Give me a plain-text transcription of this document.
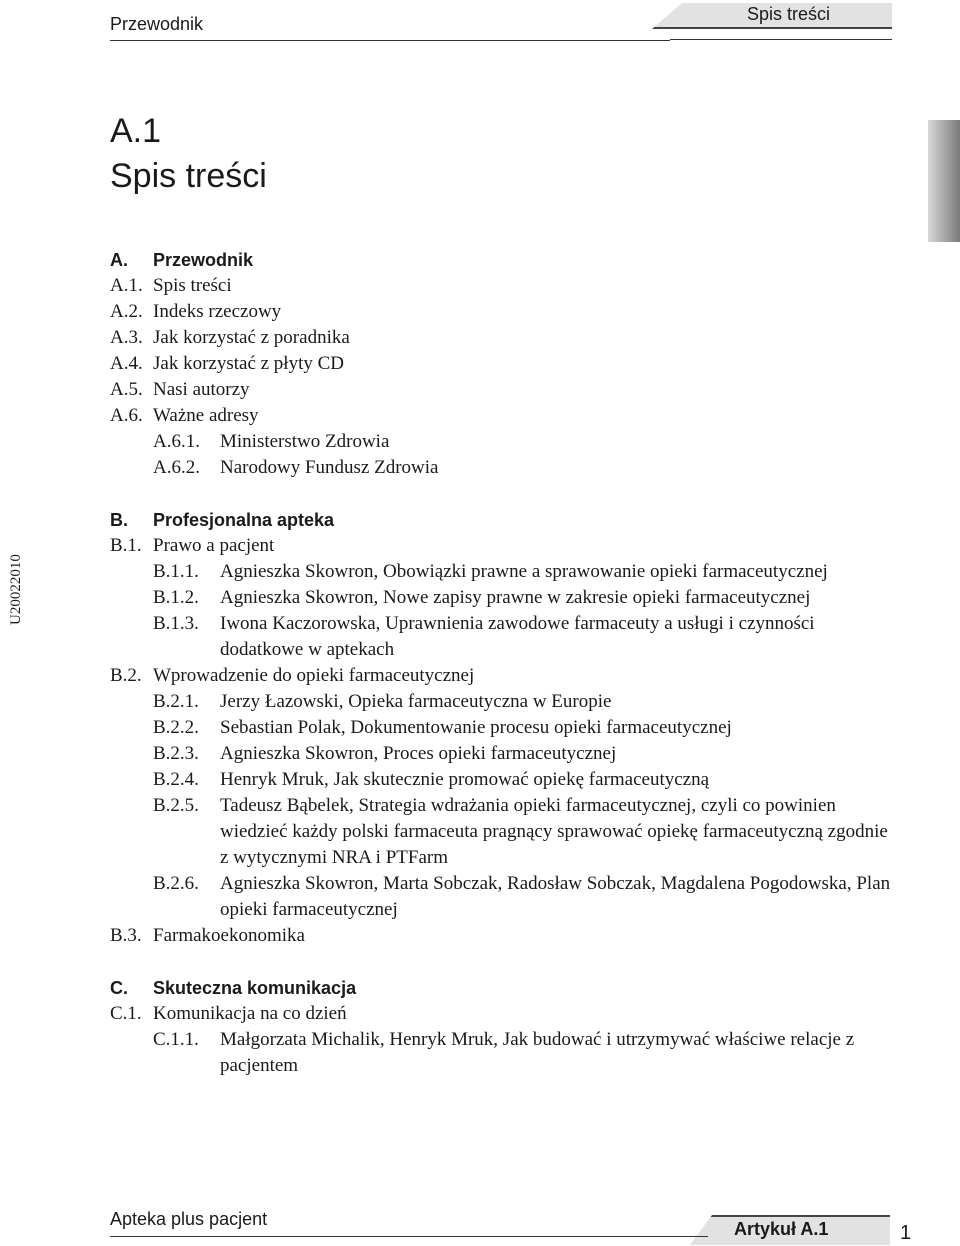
Przewodnik	Spis treści
U20022010
A.1
Spis treści
A.	Przewodnik
A.1. Spis treści
A.2. Indeks rzeczowy
A.3. Jak korzystać z poradnika
A.4. Jak korzystać z płyty CD
A.5. Nasi autorzy
A.6. Ważne adresy
A.6.1.	Ministerstwo Zdrowia
A.6.2.	Narodowy Fundusz Zdrowia
B.	Profesjonalna apteka
B.1. Prawo a pacjent
B.1.1.	Agnieszka Skowron, Obowiązki prawne a sprawowanie opieki farmaceutycznej
B.1.2.	Agnieszka Skowron, Nowe zapisy prawne w zakresie opieki farmaceutycznej
B.1.3.	Iwona Kaczorowska, Uprawnienia zawodowe farmaceuty a usługi i czynności dodatkowe w aptekach
B.2. Wprowadzenie do opieki farmaceutycznej
B.2.1.	Jerzy Łazowski, Opieka farmaceutyczna w Europie
B.2.2.	Sebastian Polak, Dokumentowanie procesu opieki farmaceutycznej
B.2.3.	Agnieszka Skowron, Proces opieki farmaceutycznej
B.2.4.	Henryk Mruk, Jak skutecznie promować opiekę farmaceutyczną
B.2.5.	Tadeusz Bąbelek, Strategia wdrażania opieki farmaceutycznej, czyli co powinien wiedzieć każdy polski farmaceuta pragnący sprawować opiekę farmaceutyczną zgodnie z wytycznymi NRA i PTFarm
B.2.6.	Agnieszka Skowron, Marta Sobczak, Radosław Sobczak, Magdalena Pogodowska, Plan opieki farmaceutycznej
B.3. Farmakoekonomika
C.	Skuteczna komunikacja
C.1. Komunikacja na co dzień
C.1.1.	Małgorzata Michalik, Henryk Mruk, Jak budować i utrzymywać właściwe relacje z pacjentem
Apteka plus pacjent	Artykuł A.1	1
